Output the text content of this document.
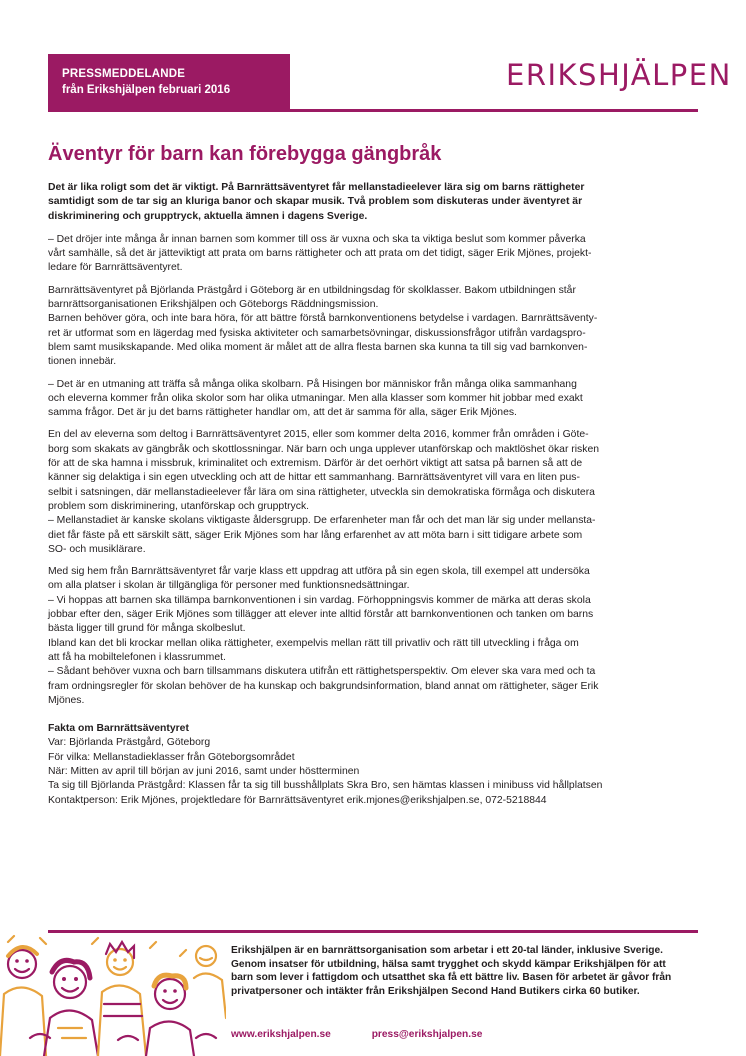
PRESSMEDDELANDE
från Erikshjälpen februari 2016	ERIKSHJÄLPEN
Äventyr för barn kan förebygga gängbråk

Det är lika roligt som det är viktigt. På Barnrättsäventyret får mellanstadieelever lära sig om barns rättigheter
samtidigt som de tar sig an kluriga banor och skapar musik. Två problem som diskuteras under äventyret är
diskriminering och grupptryck, aktuella ämnen i dagens Sverige.

– Det dröjer inte många år innan barnen som kommer till oss är vuxna och ska ta viktiga beslut som kommer påverka
vårt samhälle, så det är jätteviktigt att prata om barns rättigheter och att prata om det tidigt, säger Erik Mjönes, projekt-
ledare för Barnrättsäventyret.

Barnrättsäventyret på Björlanda Prästgård i Göteborg är en utbildningsdag för skolklasser. Bakom utbildningen står
barnrättsorganisationen Erikshjälpen och Göteborgs Räddningsmission.
Barnen behöver göra, och inte bara höra, för att bättre förstå barnkonventionens betydelse i vardagen. Barnrättsäventy-
ret är utformat som en lägerdag med fysiska aktiviteter och samarbetsövningar, diskussionsfrågor utifrån vardagspro-
blem samt musikskapande. Med olika moment är målet att de allra flesta barnen ska kunna ta till sig vad barnkonven-
tionen innebär.

– Det är en utmaning att träffa så många olika skolbarn. På Hisingen bor människor från många olika sammanhang
och eleverna kommer från olika skolor som har olika utmaningar. Men alla klasser som kommer hit jobbar med exakt
samma frågor. Det är ju det barns rättigheter handlar om, att det är samma för alla, säger Erik Mjönes.

En del av eleverna som deltog i Barnrättsäventyret 2015, eller som kommer delta 2016, kommer från områden i Göte-
borg som skakats av gängbråk och skottlossningar. När barn och unga upplever utanförskap och maktlöshet ökar risken
för att de ska hamna i missbruk, kriminalitet och extremism. Därför är det oerhört viktigt att satsa på barnen så att de
känner sig delaktiga i sin egen utveckling och att de hittar ett sammanhang. Barnrättsäventyret vill vara en liten pus-
selbit i satsningen, där mellanstadieelever får lära om sina rättigheter, utveckla sin demokratiska förmåga och diskutera
problem som diskriminering, utanförskap och grupptryck.
– Mellanstadiet är kanske skolans viktigaste åldersgrupp. De erfarenheter man får och det man lär sig under mellansta-
diet får fäste på ett särskilt sätt, säger Erik Mjönes som har lång erfarenhet av att möta barn i sitt tidigare arbete som
SO- och musiklärare.

Med sig hem från Barnrättsäventyret får varje klass ett uppdrag att utföra på sin egen skola, till exempel att undersöka
om alla platser i skolan är tillgängliga för personer med funktionsnedsättningar.
– Vi hoppas att barnen ska tillämpa barnkonventionen i sin vardag. Förhoppningsvis kommer de märka att deras skola
jobbar efter den, säger Erik Mjönes som tillägger att elever inte alltid förstår att barnkonventionen och tanken om barns
bästa ligger till grund för många skolbeslut.
Ibland kan det bli krockar mellan olika rättigheter, exempelvis mellan rätt till privatliv och rätt till utveckling i fråga om
att få ha mobiltelefonen i klassrummet.
– Sådant behöver vuxna och barn tillsammans diskutera utifrån ett rättighetsperspektiv. Om elever ska vara med och ta
fram ordningsregler för skolan behöver de ha kunskap och bakgrundsinformation, bland annat om rättigheter, säger Erik
Mjönes.

Fakta om Barnrättsäventyret
Var: Björlanda Prästgård, Göteborg
För vilka: Mellanstadieklasser från Göteborgsområdet
När: Mitten av april till början av juni 2016, samt under höstterminen
Ta sig till Björlanda Prästgård: Klassen får ta sig till busshållplats Skra Bro, sen hämtas klassen i minibuss vid hållplatsen
Kontaktperson: Erik Mjönes, projektledare för Barnrättsäventyret erik.mjones@erikshjalpen.se, 072-5218844
Erikshjälpen är en barnrättsorganisation som arbetar i ett 20-tal länder, inklusive Sverige.
Genom insatser för utbildning, hälsa samt trygghet och skydd kämpar Erikshjälpen för att
barn som lever i fattigdom och utsatthet ska få ett bättre liv. Basen för arbetet är gåvor från
privatpersoner och intäkter från Erikshjälpen Second Hand Butikers cirka 60 butiker.
www.erikshjalpen.se	press@erikshjalpen.se
